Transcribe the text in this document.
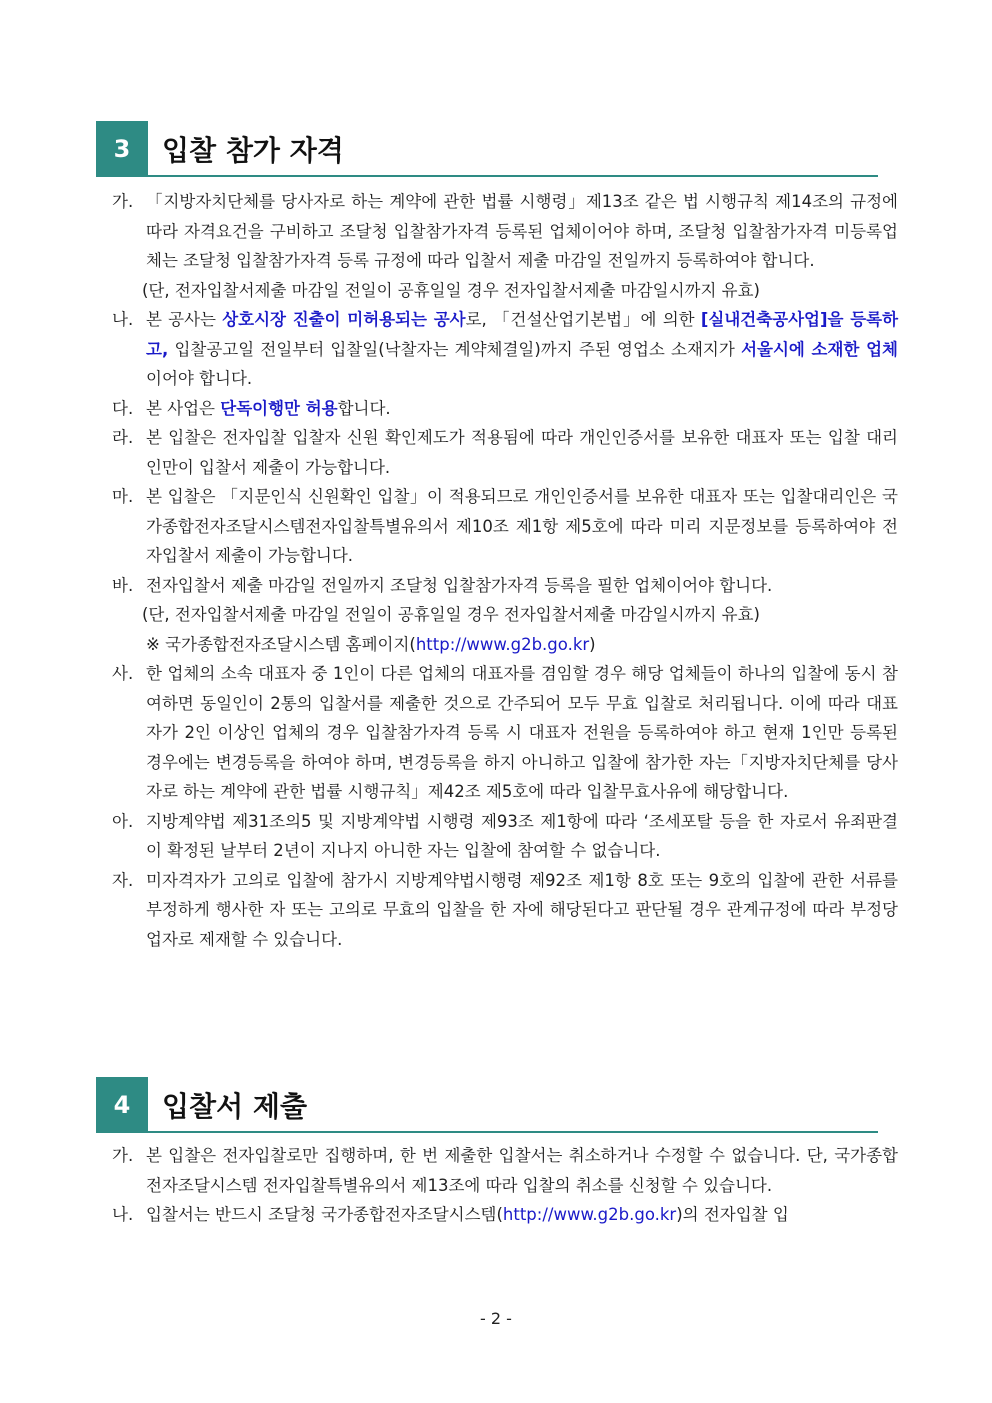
3	입찰 참가 자격
가. 「지방자치단체를 당사자로 하는 계약에 관한 법률 시행령」제13조 같은 법 시행규칙 제14조의 규정에 따라 자격요건을 구비하고 조달청 입찰참가자격 등록된 업체이어야 하며, 조달청 입찰참가자격 미등록업체는 조달청 입찰참가자격 등록 규정에 따라 입찰서 제출 마감일 전일까지 등록하여야 합니다.
(단, 전자입찰서제출 마감일 전일이 공휴일일 경우 전자입찰서제출 마감일시까지 유효)
나. 본 공사는 상호시장 진출이 미허용되는 공사로, 「건설산업기본법」에 의한 [실내건축공사업]을 등록하고, 입찰공고일 전일부터 입찰일(낙찰자는 계약체결일)까지 주된 영업소 소재지가 서울시에 소재한 업체이어야 합니다.
다. 본 사업은 단독이행만 허용합니다.
라. 본 입찰은 전자입찰 입찰자 신원 확인제도가 적용됨에 따라 개인인증서를 보유한 대표자 또는 입찰 대리인만이 입찰서 제출이 가능합니다.
마. 본 입찰은 「지문인식 신원확인 입찰」이 적용되므로 개인인증서를 보유한 대표자 또는 입찰대리인은 국가종합전자조달시스템전자입찰특별유의서 제10조 제1항 제5호에 따라 미리 지문정보를 등록하여야 전자입찰서 제출이 가능합니다.
바. 전자입찰서 제출 마감일 전일까지 조달청 입찰참가자격 등록을 필한 업체이어야 합니다.
(단, 전자입찰서제출 마감일 전일이 공휴일일 경우 전자입찰서제출 마감일시까지 유효)
※ 국가종합전자조달시스템 홈페이지(http://www.g2b.go.kr)
사. 한 업체의 소속 대표자 중 1인이 다른 업체의 대표자를 겸임할 경우 해당 업체들이 하나의 입찰에 동시 참여하면 동일인이 2통의 입찰서를 제출한 것으로 간주되어 모두 무효 입찰로 처리됩니다. 이에 따라 대표자가 2인 이상인 업체의 경우 입찰참가자격 등록 시 대표자 전원을 등록하여야 하고 현재 1인만 등록된 경우에는 변경등록을 하여야 하며, 변경등록을 하지 아니하고 입찰에 참가한 자는「지방자치단체를 당사자로 하는 계약에 관한 법률 시행규칙」제42조 제5호에 따라 입찰무효사유에 해당합니다.
아. 지방계약법 제31조의5 및 지방계약법 시행령 제93조 제1항에 따라 ‘조세포탈 등을 한 자로서 유죄판결이 확정된 날부터 2년이 지나지 아니한 자는 입찰에 참여할 수 없습니다.
자. 미자격자가 고의로 입찰에 참가시 지방계약법시행령 제92조 제1항 8호 또는 9호의 입찰에 관한 서류를 부정하게 행사한 자 또는 고의로 무효의 입찰을 한 자에 해당된다고 판단될 경우 관계규정에 따라 부정당업자로 제재할 수 있습니다.
4	입찰서 제출
가. 본 입찰은 전자입찰로만 집행하며, 한 번 제출한 입찰서는 취소하거나 수정할 수 없습니다. 단, 국가종합전자조달시스템 전자입찰특별유의서 제13조에 따라 입찰의 취소를 신청할 수 있습니다.
나. 입찰서는 반드시 조달청 국가종합전자조달시스템(http://www.g2b.go.kr)의 전자입찰 입
- 2 -
